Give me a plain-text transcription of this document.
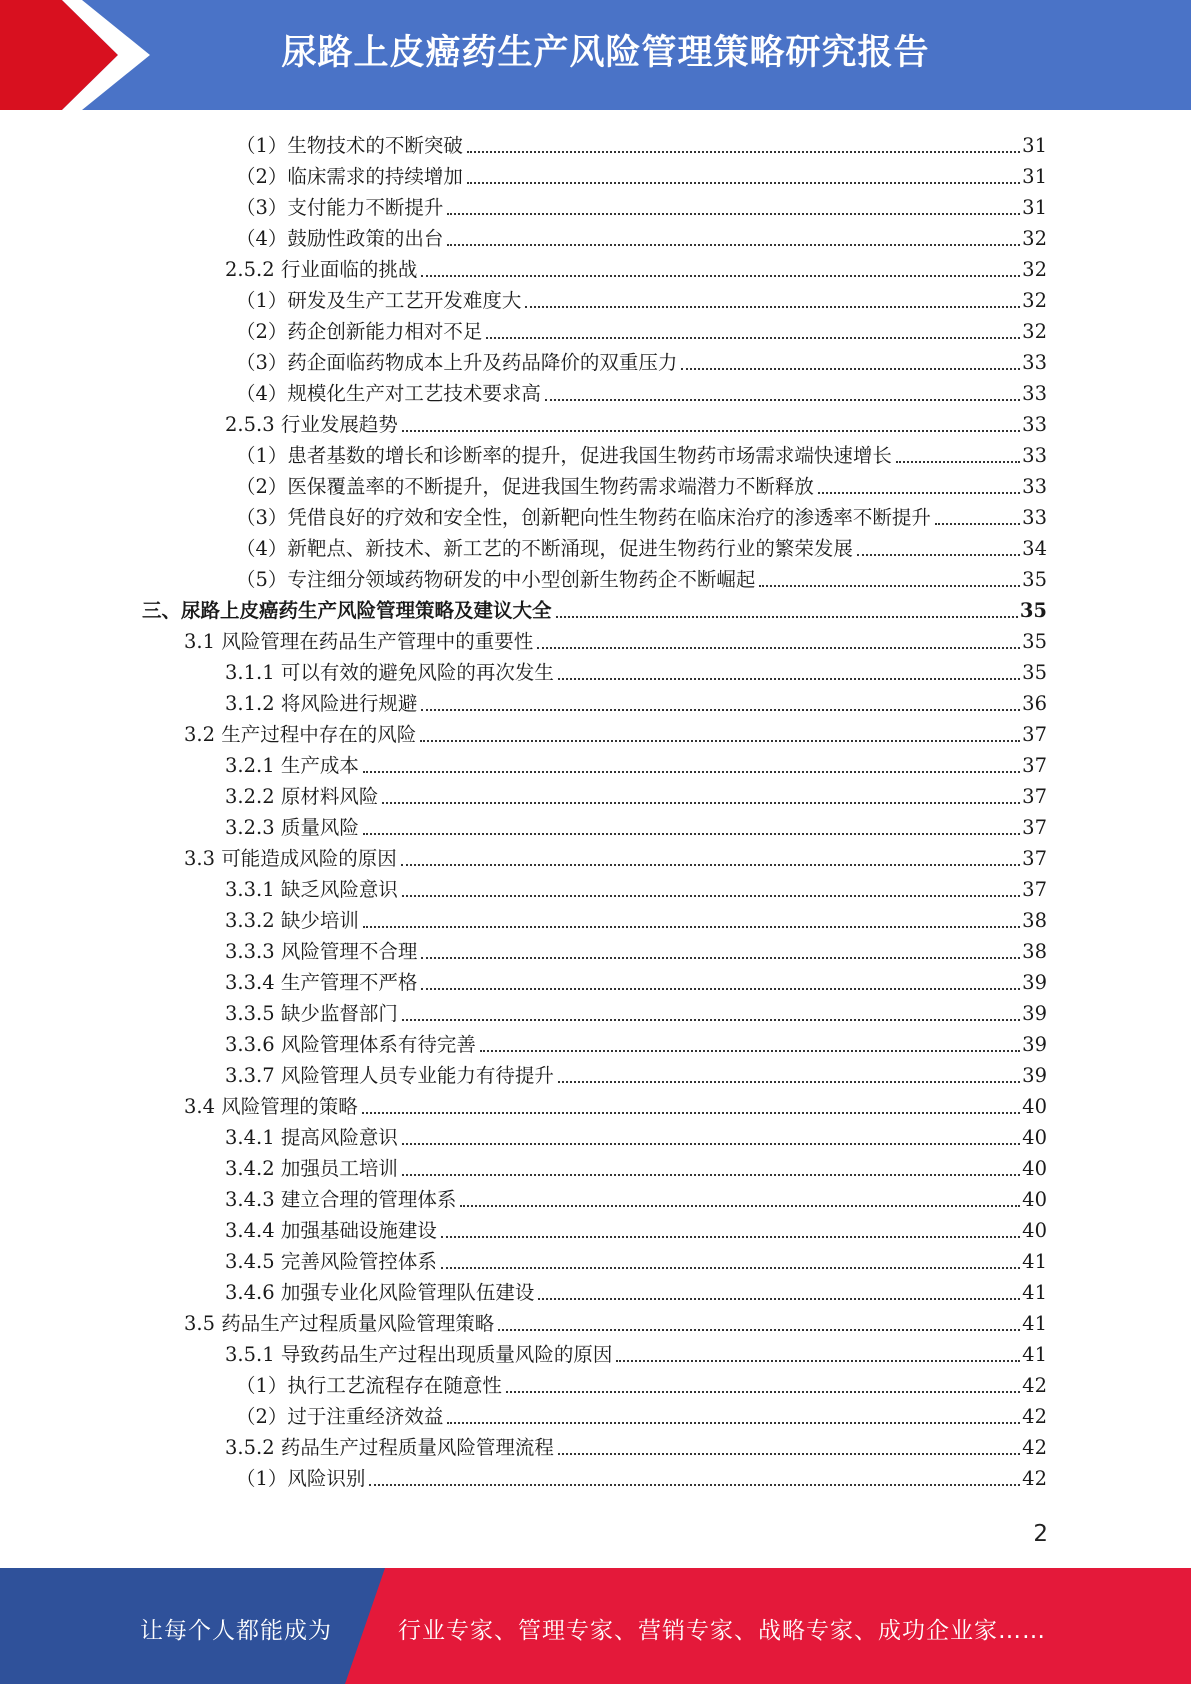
尿路上皮癌药生产风险管理策略研究报告
（1）生物技术的不断突破	31
（2）临床需求的持续增加	31
（3）支付能力不断提升	31
（4）鼓励性政策的出台	32
2.5.2 行业面临的挑战	32
（1）研发及生产工艺开发难度大	32
（2）药企创新能力相对不足	32
（3）药企面临药物成本上升及药品降价的双重压力	33
（4）规模化生产对工艺技术要求高	33
2.5.3 行业发展趋势	33
（1）患者基数的增长和诊断率的提升，促进我国生物药市场需求端快速增长	33
（2）医保覆盖率的不断提升，促进我国生物药需求端潜力不断释放	33
（3）凭借良好的疗效和安全性，创新靶向性生物药在临床治疗的渗透率不断提升	33
（4）新靶点、新技术、新工艺的不断涌现，促进生物药行业的繁荣发展	34
（5）专注细分领域药物研发的中小型创新生物药企不断崛起	35
三、尿路上皮癌药生产风险管理策略及建议大全	35
3.1 风险管理在药品生产管理中的重要性	35
3.1.1 可以有效的避免风险的再次发生	35
3.1.2 将风险进行规避	36
3.2 生产过程中存在的风险	37
3.2.1 生产成本	37
3.2.2 原材料风险	37
3.2.3 质量风险	37
3.3 可能造成风险的原因	37
3.3.1 缺乏风险意识	37
3.3.2 缺少培训	38
3.3.3 风险管理不合理	38
3.3.4 生产管理不严格	39
3.3.5 缺少监督部门	39
3.3.6 风险管理体系有待完善	39
3.3.7 风险管理人员专业能力有待提升	39
3.4 风险管理的策略	40
3.4.1 提高风险意识	40
3.4.2 加强员工培训	40
3.4.3 建立合理的管理体系	40
3.4.4 加强基础设施建设	40
3.4.5 完善风险管控体系	41
3.4.6 加强专业化风险管理队伍建设	41
3.5 药品生产过程质量风险管理策略	41
3.5.1 导致药品生产过程出现质量风险的原因	41
（1）执行工艺流程存在随意性	42
（2）过于注重经济效益	42
3.5.2 药品生产过程质量风险管理流程	42
（1）风险识别	42
2
让每个人都能成为	行业专家、管理专家、营销专家、战略专家、成功企业家……
